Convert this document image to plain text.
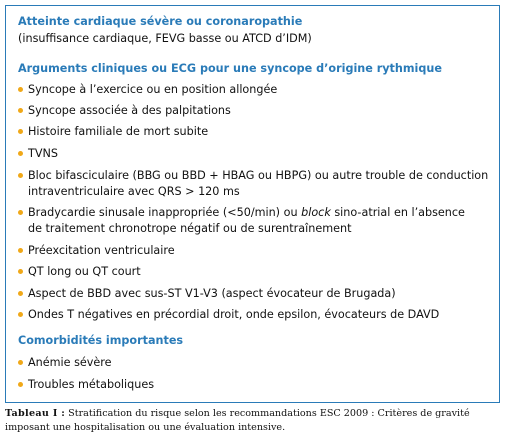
Atteinte cardiaque sévère ou coronaropathie
(insuffisance cardiaque, FEVG basse ou ATCD d’IDM)
Arguments cliniques ou ECG pour une syncope d’origine rythmique
Syncope à l’exercice ou en position allongée
Syncope associée à des palpitations
Histoire familiale de mort subite
TVNS
Bloc bifasciculaire (BBG ou BBD + HBAG ou HBPG) ou autre trouble de conduction
intraventriculaire avec QRS > 120 ms
Bradycardie sinusale inappropriée (<50/min) ou block sino-atrial en l’absence
de traitement chronotrope négatif ou de surentraînement
Préexcitation ventriculaire
QT long ou QT court
Aspect de BBD avec sus-ST V1-V3 (aspect évocateur de Brugada)
Ondes T négatives en précordial droit, onde epsilon, évocateurs de DAVD
Comorbidités importantes
Anémie sévère
Troubles métaboliques
Tableau I : Stratification du risque selon les recommandations ESC 2009 : Critères de gravité imposant une hospitalisation ou une évaluation intensive.
